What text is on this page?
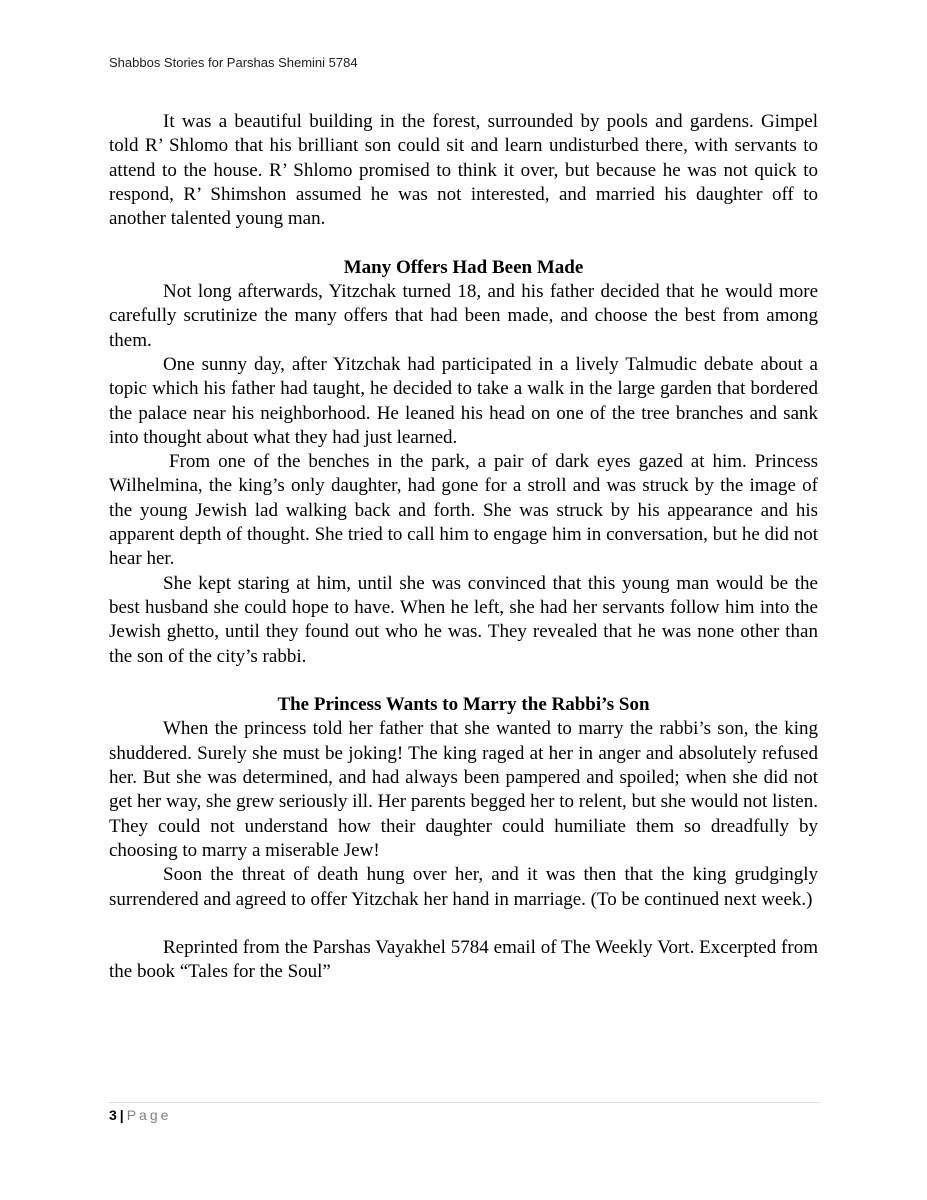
Shabbos Stories for Parshas Shemini 5784

It was a beautiful building in the forest, surrounded by pools and gardens. Gimpel told R’ Shlomo that his brilliant son could sit and learn undisturbed there, with servants to attend to the house. R’ Shlomo promised to think it over, but because he was not quick to respond, R’ Shimshon assumed he was not interested, and married his daughter off to another talented young man.

Many Offers Had Been Made

Not long afterwards, Yitzchak turned 18, and his father decided that he would more carefully scrutinize the many offers that had been made, and choose the best from among them.

One sunny day, after Yitzchak had participated in a lively Talmudic debate about a topic which his father had taught, he decided to take a walk in the large garden that bordered the palace near his neighborhood. He leaned his head on one of the tree branches and sank into thought about what they had just learned.

From one of the benches in the park, a pair of dark eyes gazed at him. Princess Wilhelmina, the king’s only daughter, had gone for a stroll and was struck by the image of the young Jewish lad walking back and forth. She was struck by his appearance and his apparent depth of thought. She tried to call him to engage him in conversation, but he did not hear her.

She kept staring at him, until she was convinced that this young man would be the best husband she could hope to have. When he left, she had her servants follow him into the Jewish ghetto, until they found out who he was. They revealed that he was none other than the son of the city’s rabbi.

The Princess Wants to Marry the Rabbi’s Son

When the princess told her father that she wanted to marry the rabbi’s son, the king shuddered. Surely she must be joking! The king raged at her in anger and absolutely refused her. But she was determined, and had always been pampered and spoiled; when she did not get her way, she grew seriously ill. Her parents begged her to relent, but she would not listen. They could not understand how their daughter could humiliate them so dreadfully by choosing to marry a miserable Jew!

Soon the threat of death hung over her, and it was then that the king grudgingly surrendered and agreed to offer Yitzchak her hand in marriage. (To be continued next week.)

Reprinted from the Parshas Vayakhel 5784 email of The Weekly Vort. Excerpted from the book “Tales for the Soul”

3 | Page
